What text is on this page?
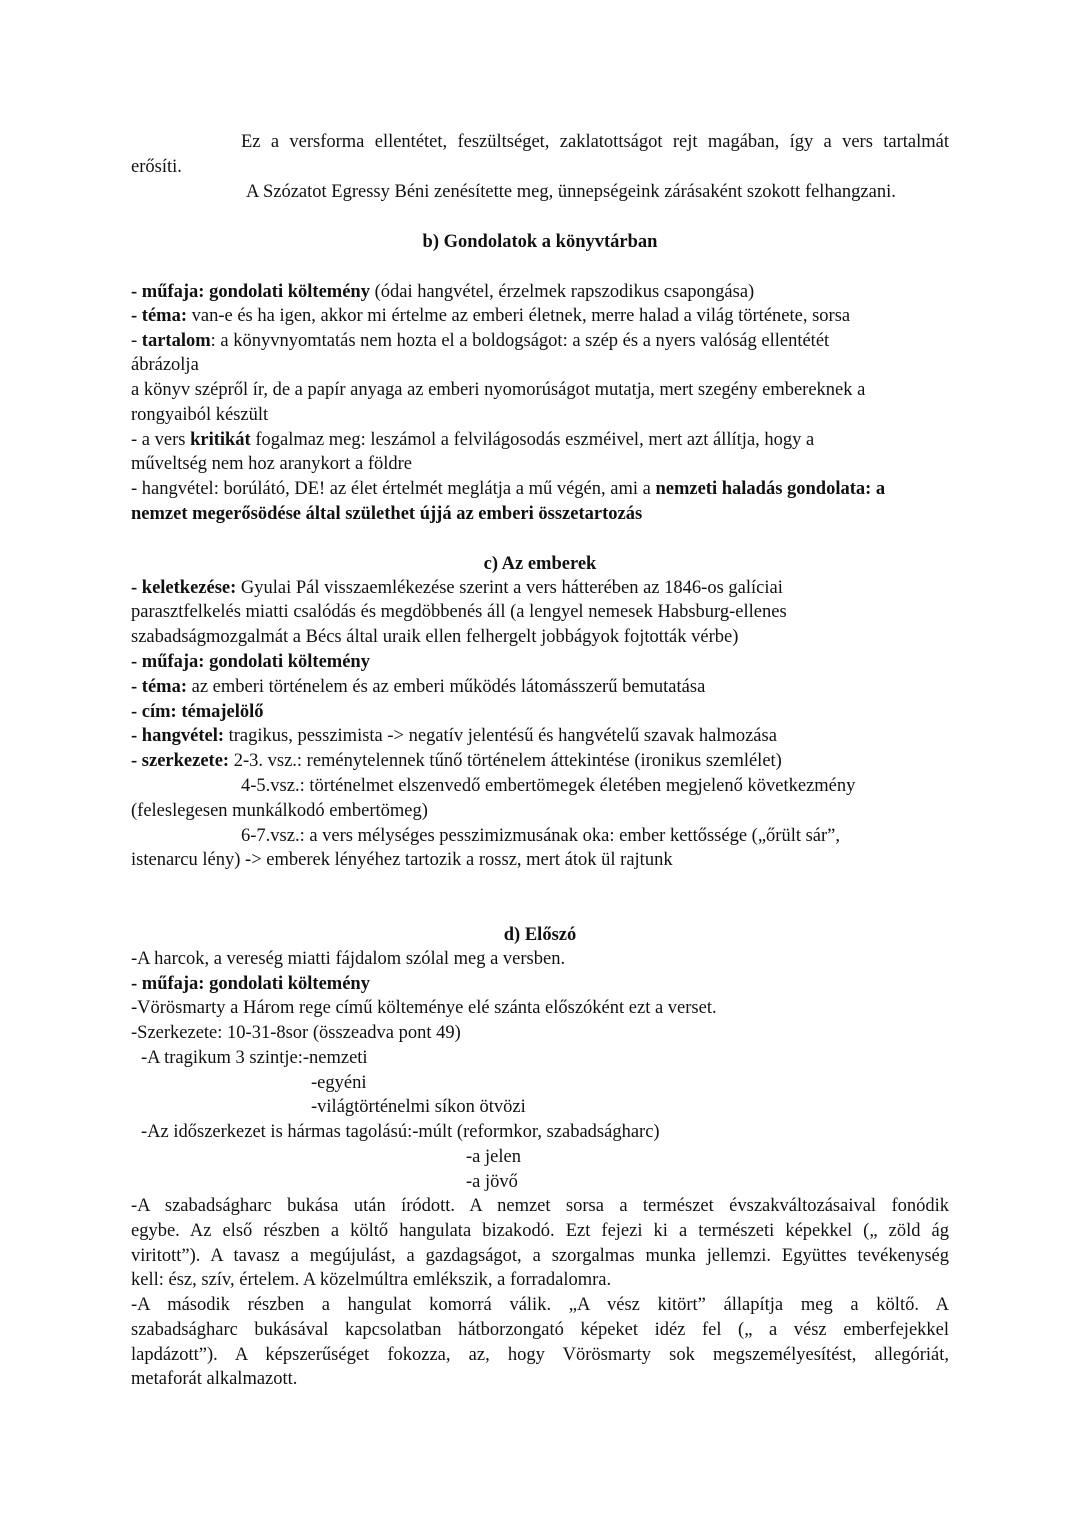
Ez a versforma ellentétet, feszültséget, zaklatottságot rejt magában, így a vers tartalmát
erősíti.
A Szózatot Egressy Béni zenésítette meg, ünnepségeink zárásaként szokott felhangzani.
b) Gondolatok a könyvtárban
- műfaja: gondolati költemény (ódai hangvétel, érzelmek rapszodikus csapongása)
- téma: van-e és ha igen, akkor mi értelme az emberi életnek, merre halad a világ története, sorsa
- tartalom: a könyvnyomtatás nem hozta el a boldogságot: a szép és a nyers valóság ellentétét
ábrázolja
a könyv szépről ír, de a papír anyaga az emberi nyomorúságot mutatja, mert szegény embereknek a
rongyaiból készült
- a vers kritikát fogalmaz meg: leszámol a felvilágosodás eszméivel, mert azt állítja, hogy a
műveltség nem hoz aranykort a földre
- hangvétel: borúlátó, DE! az élet értelmét meglátja a mű végén, ami a nemzeti haladás gondolata: a
nemzet megerősödése által születhet újjá az emberi összetartozás
c) Az emberek
- keletkezése: Gyulai Pál visszaemlékezése szerint a vers hátterében az 1846-os galíciai
parasztfelkelés miatti csalódás és megdöbbenés áll (a lengyel nemesek Habsburg-ellenes
szabadságmozgalmát a Bécs által uraik ellen felhergelt jobbágyok fojtották vérbe)
- műfaja: gondolati költemény
- téma: az emberi történelem és az emberi működés látomásszerű bemutatása
- cím: témajelölő
- hangvétel: tragikus, pesszimista -> negatív jelentésű és hangvételű szavak halmozása
- szerkezete: 2-3. vsz.: reménytelennek tűnő történelem áttekintése (ironikus szemlélet)
4-5.vsz.: történelmet elszenvedő embertömegek életében megjelenő következmény
(feleslegesen munkálkodó embertömeg)
6-7.vsz.: a vers mélységes pesszimizmusának oka: ember kettőssége („őrült sár”,
istenarcu lény) -> emberek lényéhez tartozik a rossz, mert átok ül rajtunk
d) Előszó
-A harcok, a vereség miatti fájdalom szólal meg a versben.
- műfaja: gondolati költemény
-Vörösmarty a Három rege című költeménye elé szánta előszóként ezt a verset.
-Szerkezete: 10-31-8sor (összeadva pont 49)
-A tragikum 3 szintje:-nemzeti
-egyéni
-világtörténelmi síkon ötvözi
-Az időszerkezet is hármas tagolású:-múlt (reformkor, szabadságharc)
-a jelen
-a jövő
-A szabadságharc bukása után íródott. A nemzet sorsa a természet évszakváltozásaival fonódik
egybe. Az első részben a költő hangulata bizakodó. Ezt fejezi ki a természeti képekkel („ zöld ág
viritott”). A tavasz a megújulást, a gazdagságot, a szorgalmas munka jellemzi. Együttes tevékenység
kell: ész, szív, értelem. A közelmúltra emlékszik, a forradalomra.
-A második részben a hangulat komorrá válik. „A vész kitört” állapítja meg a költő. A
szabadságharc bukásával kapcsolatban hátborzongató képeket idéz fel („ a vész emberfejekkel
lapdázott”). A képszerűséget fokozza, az, hogy Vörösmarty sok megszemélyesítést, allegóriát,
metaforát alkalmazott.
